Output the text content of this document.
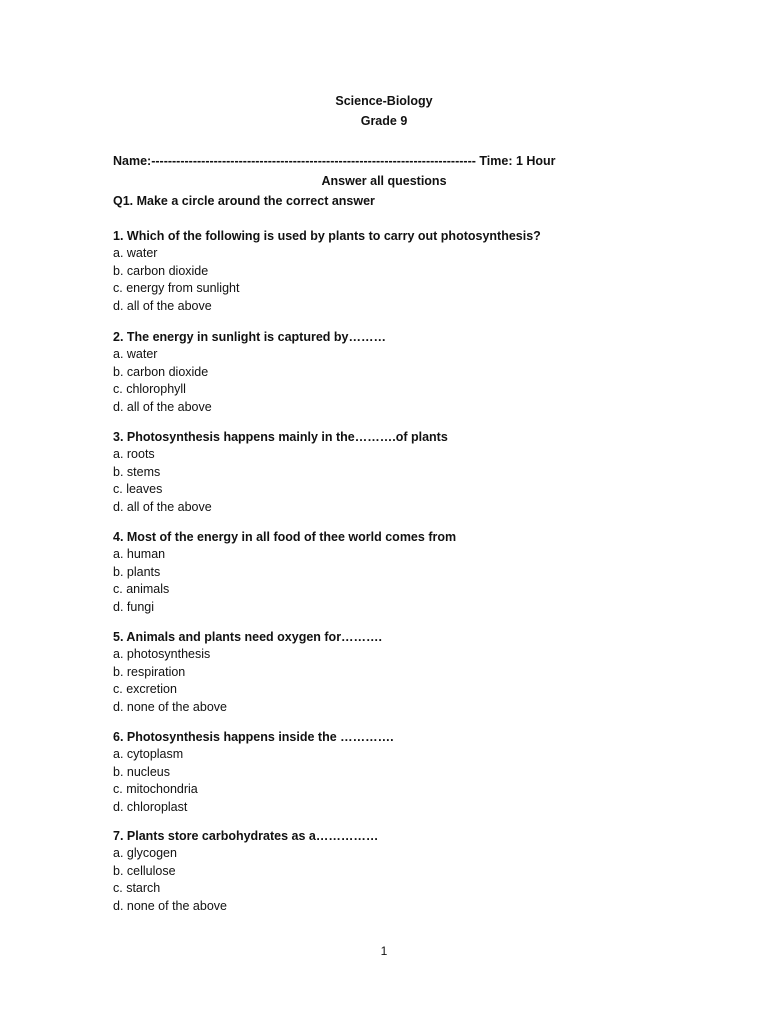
Science-Biology
Grade 9
Name:------------------------------------------------------------------------------ Time: 1 Hour
Answer all questions
Q1. Make a circle around the correct answer
1. Which of the following is used by plants to carry out photosynthesis?
a. water
b. carbon dioxide
c. energy from sunlight
d. all of the above
2. The energy in sunlight is captured by………
a. water
b. carbon dioxide
c. chlorophyll
d. all of the above
3. Photosynthesis happens mainly in the……….of plants
a. roots
b. stems
c. leaves
d. all of the above
4. Most of the energy in all food of thee world comes from
a. human
b. plants
c. animals
d. fungi
5. Animals and plants need oxygen for……….
a. photosynthesis
b. respiration
c. excretion
d. none of the above
6. Photosynthesis happens inside the ………….
a. cytoplasm
b. nucleus
c. mitochondria
d. chloroplast
7. Plants store carbohydrates as a……………
a. glycogen
b. cellulose
c. starch
d. none of the above
1
